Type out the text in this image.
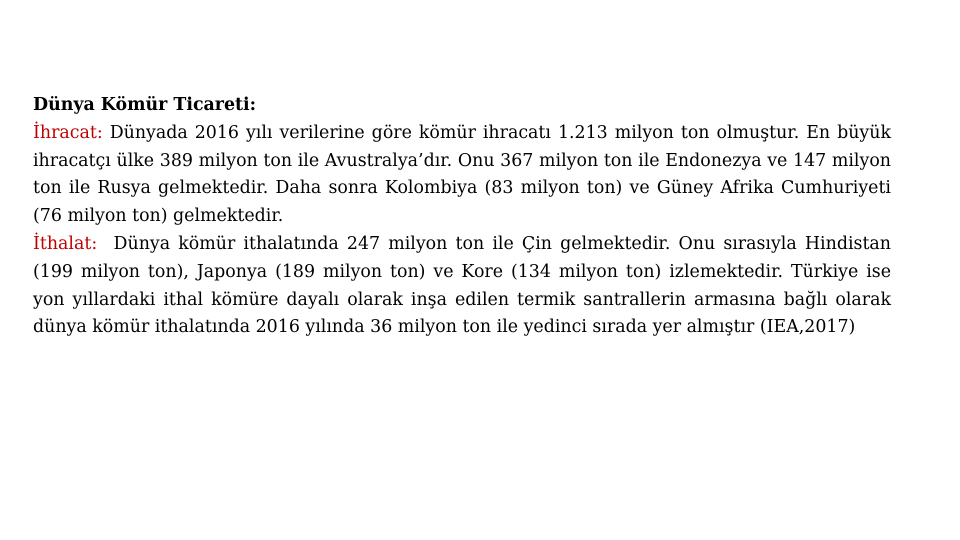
Dünya Kömür Ticareti:

İhracat: Dünyada 2016 yılı verilerine göre kömür ihracatı 1.213 milyon ton olmuştur. En büyük ihracatçı ülke 389 milyon ton ile Avustralya’dır. Onu 367 milyon ton ile Endonezya ve 147 milyon ton ile Rusya gelmektedir. Daha sonra Kolombiya (83 milyon ton) ve Güney Afrika Cumhuriyeti (76 milyon ton) gelmektedir.

İthalat: Dünya kömür ithalatında 247 milyon ton ile Çin gelmektedir. Onu sırasıyla Hindistan (199 milyon ton), Japonya (189 milyon ton) ve Kore (134 milyon ton) izlemektedir. Türkiye ise yon yıllardaki ithal kömüre dayalı olarak inşa edilen termik santrallerin armasına bağlı olarak dünya kömür ithalatında 2016 yılında 36 milyon ton ile yedinci sırada yer almıştır (IEA,2017)
